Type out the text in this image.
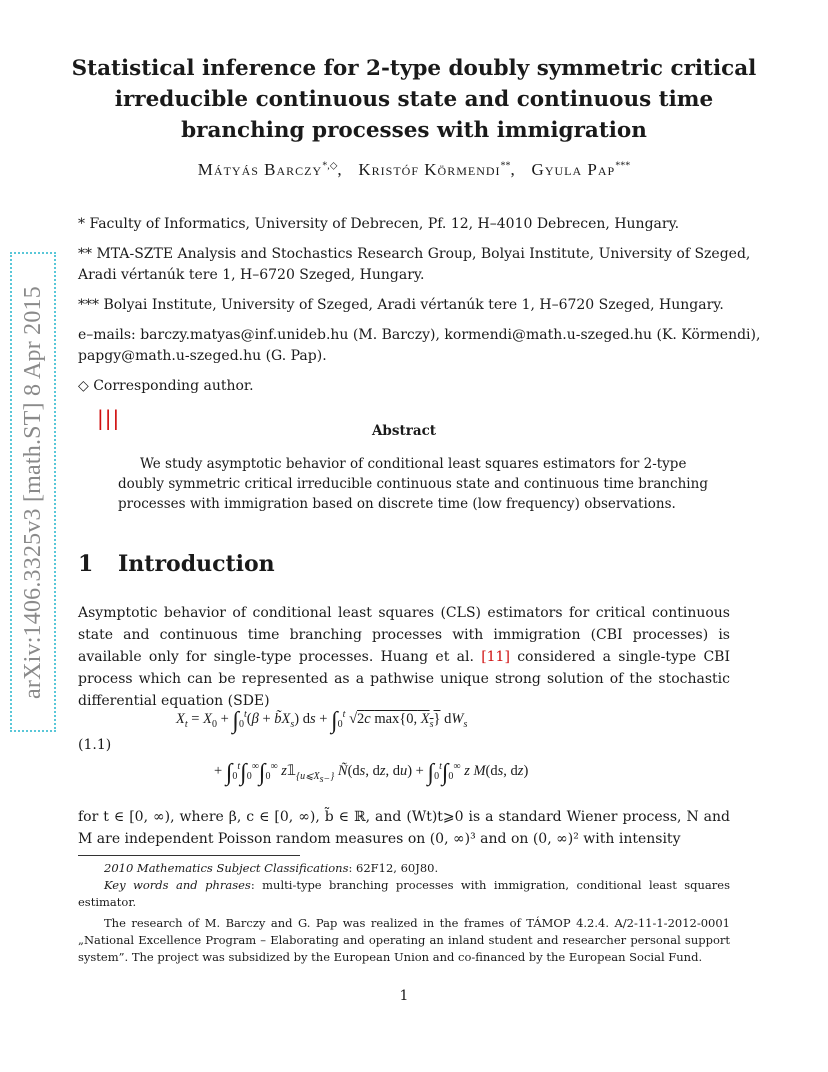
arXiv:1406.3325v3 [math.ST] 8 Apr 2015
Statistical inference for 2-type doubly symmetric critical irreducible continuous state and continuous time branching processes with immigration
Mátyás Barczy*,◇,   Kristóf Körmendi**,   Gyula Pap***

* Faculty of Informatics, University of Debrecen, Pf. 12, H–4010 Debrecen, Hungary.

** MTA-SZTE Analysis and Stochastics Research Group, Bolyai Institute, University of Szeged, Aradi vértanúk tere 1, H–6720 Szeged, Hungary.

*** Bolyai Institute, University of Szeged, Aradi vértanúk tere 1, H–6720 Szeged, Hungary.

e–mails: barczy.matyas@inf.unideb.hu (M. Barczy), kormendi@math.u-szeged.hu (K. Körmendi), papgy@math.u-szeged.hu (G. Pap).

◇ Corresponding author.

|||
Abstract
We study asymptotic behavior of conditional least squares estimators for 2-type doubly symmetric critical irreducible continuous state and continuous time branching processes with immigration based on discrete time (low frequency) observations.
1 Introduction
Asymptotic behavior of conditional least squares (CLS) estimators for critical continuous state and continuous time branching processes with immigration (CBI processes) is available only for single-type processes. Huang et al. [11] considered a single-type CBI process which can be represented as a pathwise unique strong solution of the stochastic differential equation (SDE)
(1.1)
$X_t = X_0 + \int_0^t(\beta$ + $b̃X_s$) ds + $\int_0^t$ √2c max{0, $X_s$} $dW_s$
+ $\int_0^t\int_0^\infty\int_0^\infty$ $z𝟙_{\{u⩽X_{s-}\}}$ Ñ(ds, dz, $du) + \int_0^t\int_0^\infty$ z M(ds, dz)
for t ∈ [0, ∞), where β, c ∈ [0, ∞), b̃ ∈ ℝ, and (Wt)t⩾0 is a standard Wiener process, N and M are independent Poisson random measures on (0, ∞)³ and on (0, ∞)² with intensity

2010 Mathematics Subject Classifications: 62F12, 60J80.

Key words and phrases: multi-type branching processes with immigration, conditional least squares estimator.

The research of M. Barczy and G. Pap was realized in the frames of TÁMOP 4.2.4. A/2-11-1-2012-0001 „National Excellence Program – Elaborating and operating an inland student and researcher personal support system”. The project was subsidized by the European Union and co-financed by the European Social Fund.

1
